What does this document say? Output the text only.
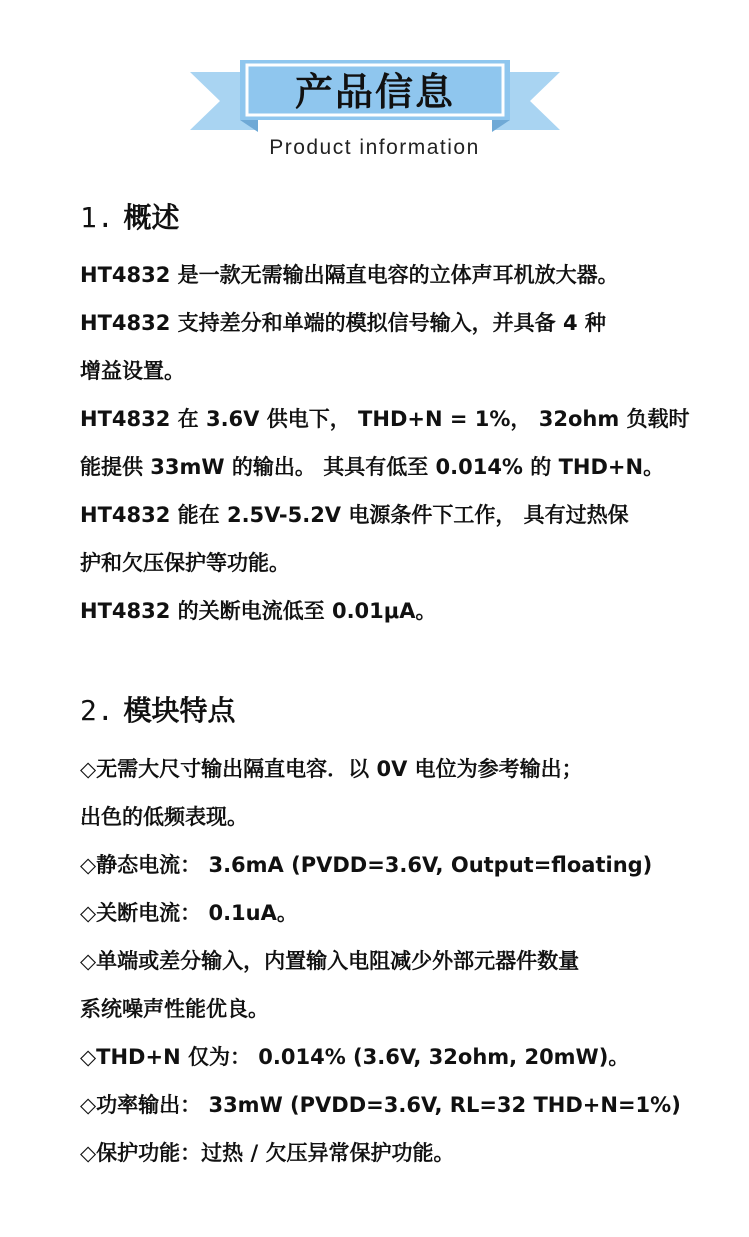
产品信息
Product information
1. 概述
HT4832 是一款无需输出隔直电容的立体声耳机放大器。
HT4832 支持差分和单端的模拟信号输入，并具备 4 种
增益设置。
HT4832 在 3.6V 供电下， THD+N = 1%， 32ohm 负载时
能提供 33mW 的输出。 其具有低至 0.014% 的 THD+N。
HT4832 能在 2.5V-5.2V 电源条件下工作， 具有过热保
护和欠压保护等功能。
HT4832 的关断电流低至 0.01μA。
2. 模块特点
◇无需大尺寸输出隔直电容．以 0V 电位为参考输出；
出色的低频表现。
◇静态电流： 3.6mA (PVDD=3.6V, Output=floating)
◇关断电流： 0.1uA。
◇单端或差分输入，内置输入电阻减少外部元器件数量
系统噪声性能优良。
◇THD+N 仅为： 0.014% (3.6V, 32ohm, 20mW)。
◇功率输出： 33mW (PVDD=3.6V, RL=32 THD+N=1%)
◇保护功能：过热 / 欠压异常保护功能。
